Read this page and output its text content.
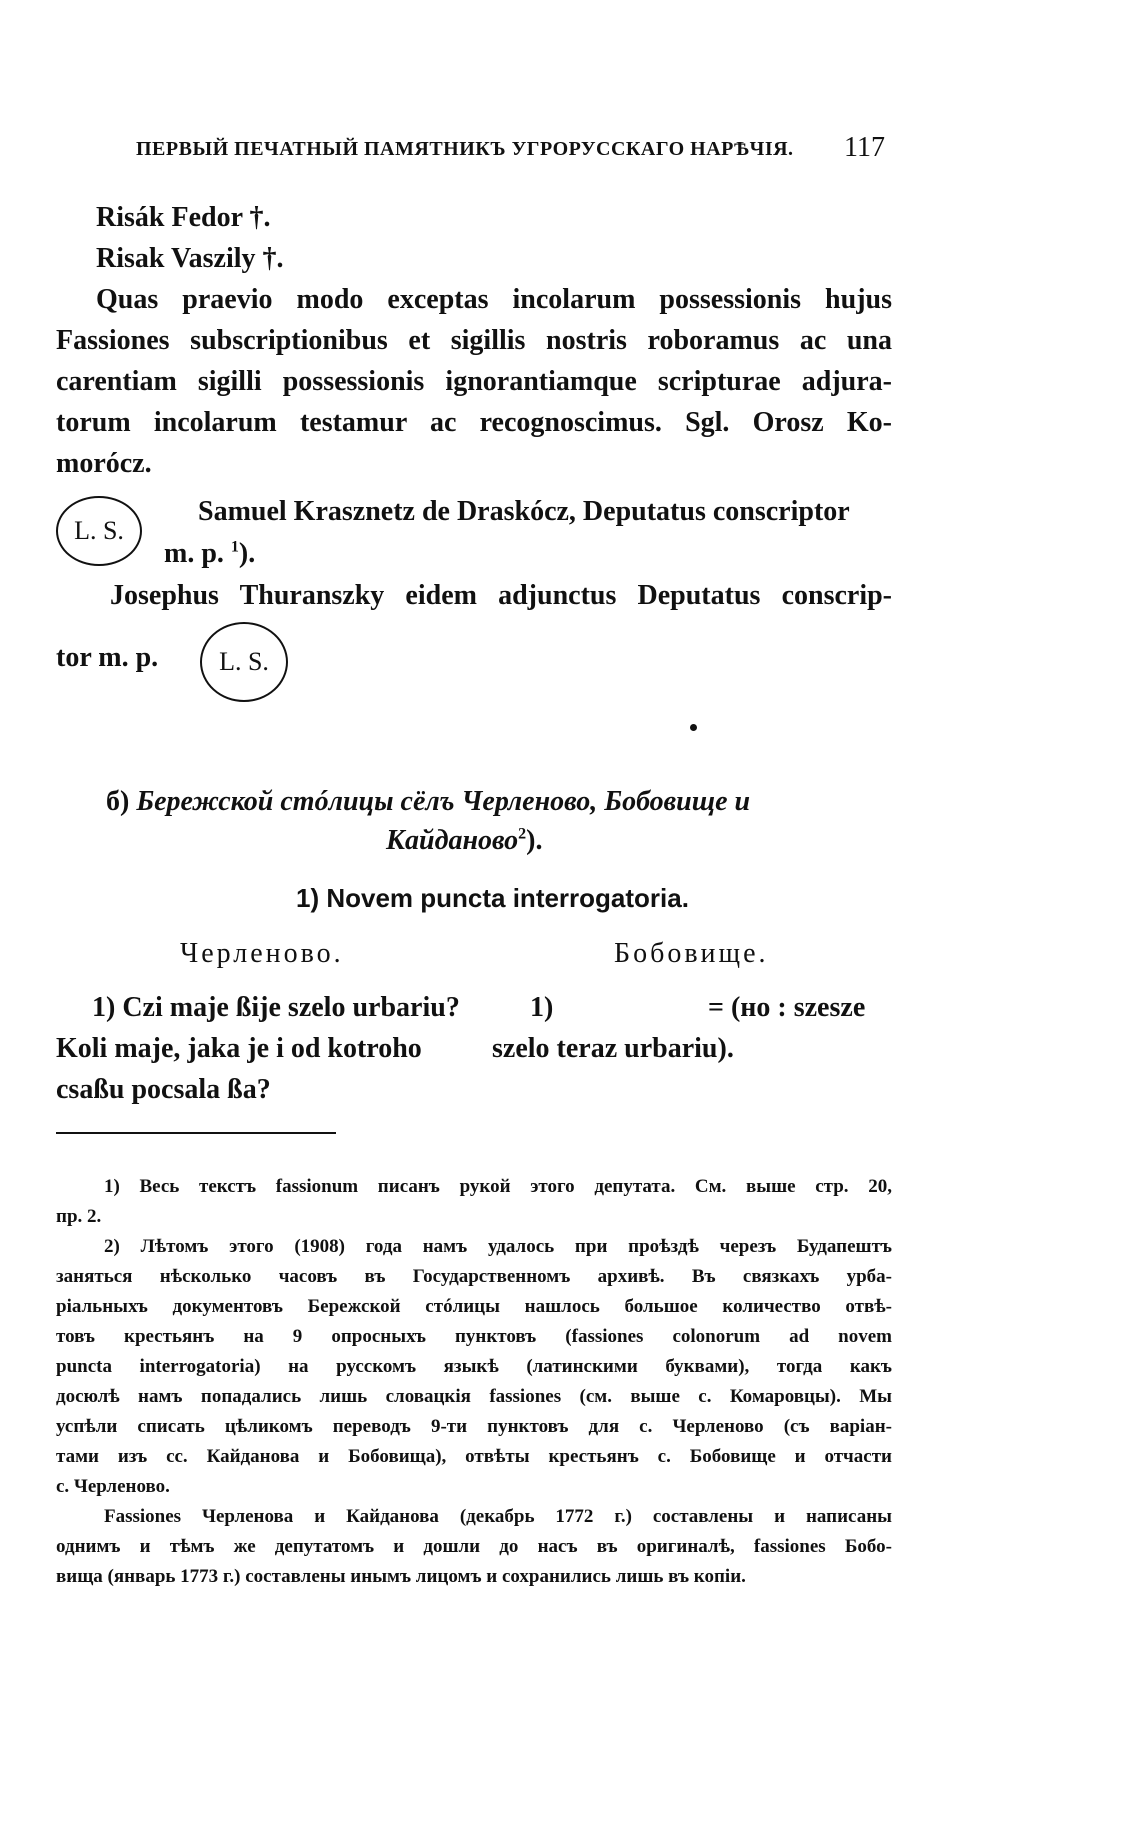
ПЕРВЫЙ ПЕЧАТНЫЙ ПАМЯТНИКЪ УГРОРУССКАГО НАРѢЧІЯ. 117
Risák Fedor †.
Risak Vaszily †.
Quas praevio modo exceptas incolarum possessionis hujus
Fassiones subscriptionibus et sigillis nostris roboramus ac una
carentiam sigilli possessionis ignorantiamque scripturae adjura-
torum incolarum testamur ac recognoscimus. Sgl. Orosz Ko-
morócz.
L. S.
Samuel Krasznetz de Draskócz, Deputatus conscriptor
m. p. $^1$).
Josephus Thuranszky eidem adjunctus Deputatus conscrip-
tor m. p. L. S.
б) Бережской стóлицы сёлъ Черленово, Бобовище и
Кайданово$^2$).
1) Novem puncta interrogatoria.
Черленово.	Бобовище.
1) Czi maje ßije szelo urbariu?
Koli maje, jaka je i od kotroho
csaßu pocsala ßa?
1)	= (но : szesze
szelo teraz urbariu).
1) Весь текстъ fassionum писанъ рукой этого депутата. См. выше стр. 20,
пр. 2.
2) Лѣтомъ этого (1908) года намъ удалось при проѣздѣ черезъ Будапештъ
заняться нѣсколько часовъ въ Государственномъ архивѣ. Въ связкахъ урба-
ріальныхъ документовъ Бережской стóлицы нашлось большое количество отвѣ-
товъ крестьянъ на 9 опросныхъ пунктовъ (fassiones colonorum ad novem
puncta interrogatoria) на русскомъ языкѣ (латинскими буквами), тогда какъ
досюлѣ намъ попадались лишь словацкія fassiones (см. выше с. Комаровцы). Мы
успѣли списать цѣликомъ переводъ 9-ти пунктовъ для с. Черленово (съ варіан-
тами изъ сс. Кайданова и Бобовища), отвѣты крестьянъ с. Бобовище и отчасти
с. Черленово.
Fassiones Черленова и Кайданова (декабрь 1772 г.) составлены и написаны
однимъ и тѣмъ же депутатомъ и дошли до насъ въ оригиналѣ, fassiones Бобо-
вища (январь 1773 г.) составлены инымъ лицомъ и сохранились лишь въ копіи.
